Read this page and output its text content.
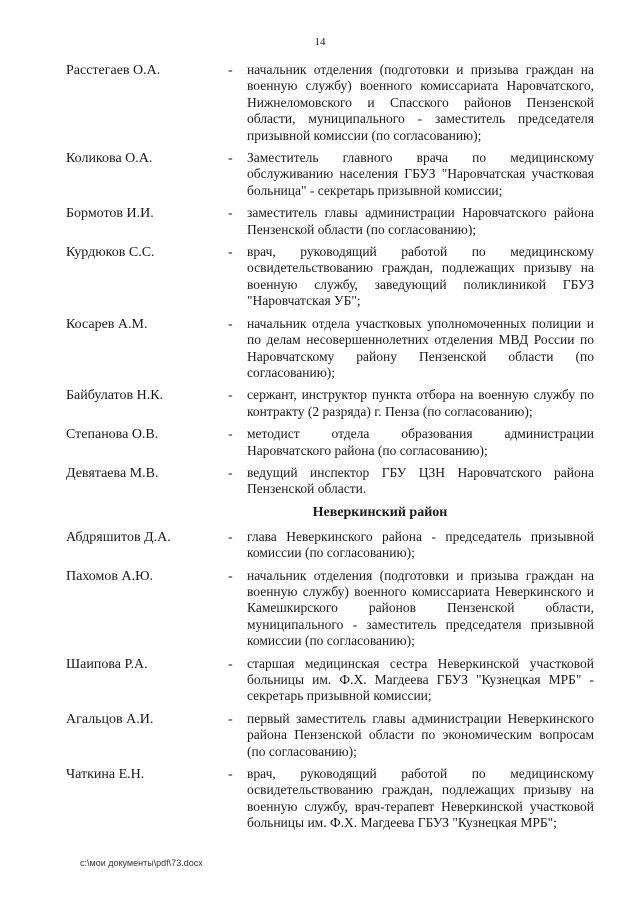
14
Расстегаев О.А.	- начальник отделения (подготовки и призыва граждан на военную службу) военного комиссариата Наровчатского, Нижнеломовского и Спасского районов Пензенской области, муниципального - заместитель председателя призывной комиссии (по согласованию);
Коликова О.А.	- Заместитель главного врача по медицинскому обслуживанию населения ГБУЗ "Наровчатская участковая больница" - секретарь призывной комиссии;
Бормотов И.И.	- заместитель главы администрации Наровчатского района Пензенской области (по согласованию);
Курдюков С.С.	- врач, руководящий работой по медицинскому освидетельствованию граждан, подлежащих призыву на военную службу, заведующий поликлиникой ГБУЗ "Наровчатская УБ";
Косарев А.М.	- начальник отдела участковых уполномоченных полиции и по делам несовершеннолетних отделения МВД России по Наровчатскому району Пензенской области (по согласованию);
Байбулатов Н.К.	- сержант, инструктор пункта отбора на военную службу по контракту (2 разряда) г. Пенза (по согласованию);
Степанова О.В.	- методист отдела образования администрации Наровчатского района (по согласованию);
Девятаева М.В.	- ведущий инспектор ГБУ ЦЗН Наровчатского района Пензенской области.
Неверкинский район
Абдряшитов Д.А.	- глава Неверкинского района - председатель призывной комиссии (по согласованию);
Пахомов А.Ю.	- начальник отделения (подготовки и призыва граждан на военную службу) военного комиссариата Неверкинского и Камешкирского районов Пензенской области, муниципального - заместитель председателя призывной комиссии (по согласованию);
Шаипова Р.А.	- старшая медицинская сестра Неверкинской участковой больницы им. Ф.Х. Магдеева ГБУЗ "Кузнецкая МРБ" - секретарь призывной комиссии;
Агальцов А.И.	- первый заместитель главы администрации Неверкинского района Пензенской области по экономическим вопросам (по согласованию);
Чаткина Е.Н.	- врач, руководящий работой по медицинскому освидетельствованию граждан, подлежащих призыву на военную службу, врач-терапевт Неверкинской участковой больницы им. Ф.Х. Магдеева ГБУЗ "Кузнецкая МРБ";
c:\мои документы\pdf\73.docx
